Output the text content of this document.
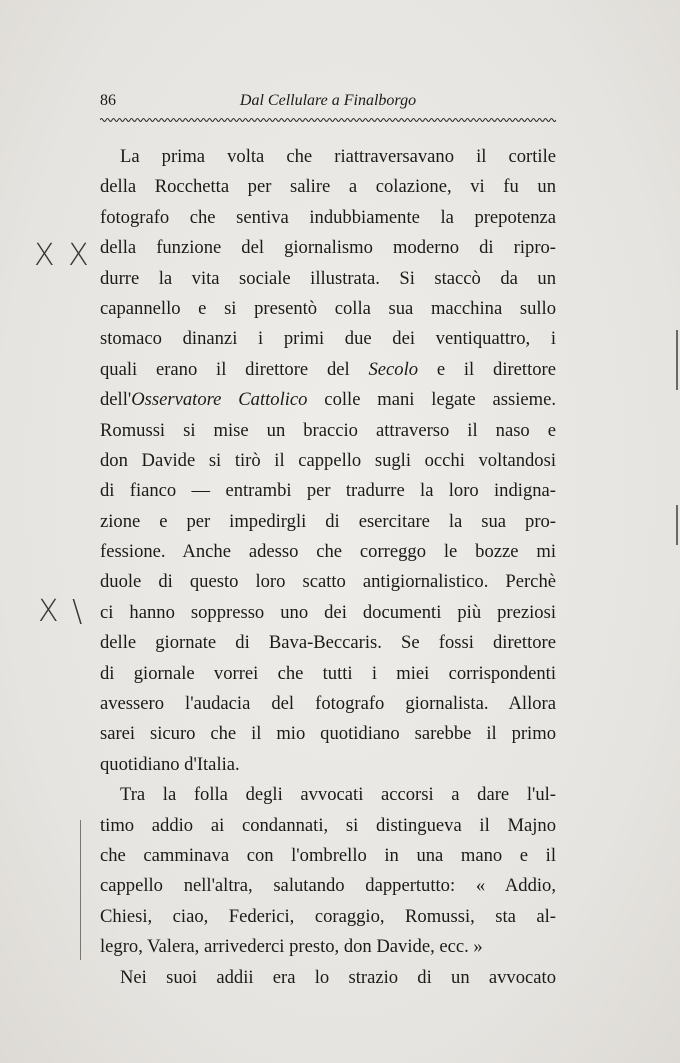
86	Dal Cellulare a Finalborgo
X X
X \
La prima volta che riattraversavano il cortile
della Rocchetta per salire a colazione, vi fu un
fotografo che sentiva indubbiamente la prepotenza
della funzione del giornalismo moderno di ripro-
durre la vita sociale illustrata. Si staccò da un
capannello e si presentò colla sua macchina sullo
stomaco dinanzi i primi due dei ventiquattro, i
quali erano il direttore del Secolo e il direttore
dell'Osservatore Cattolico colle mani legate assieme.
Romussi si mise un braccio attraverso il naso e
don Davide si tirò il cappello sugli occhi voltandosi
di fianco — entrambi per tradurre la loro indigna-
zione e per impedirgli di esercitare la sua pro-
fessione. Anche adesso che correggo le bozze mi
duole di questo loro scatto antigiornalistico. Perchè
ci hanno soppresso uno dei documenti più preziosi
delle giornate di Bava-Beccaris. Se fossi direttore
di giornale vorrei che tutti i miei corrispondenti
avessero l'audacia del fotografo giornalista. Allora
sarei sicuro che il mio quotidiano sarebbe il primo
quotidiano d'Italia.
Tra la folla degli avvocati accorsi a dare l'ul-
timo addio ai condannati, si distingueva il Majno
che camminava con l'ombrello in una mano e il
cappello nell'altra, salutando dappertutto: « Addio,
Chiesi, ciao, Federici, coraggio, Romussi, sta al-
legro, Valera, arrivederci presto, don Davide, ecc. »
Nei suoi addii era lo strazio di un avvocato
